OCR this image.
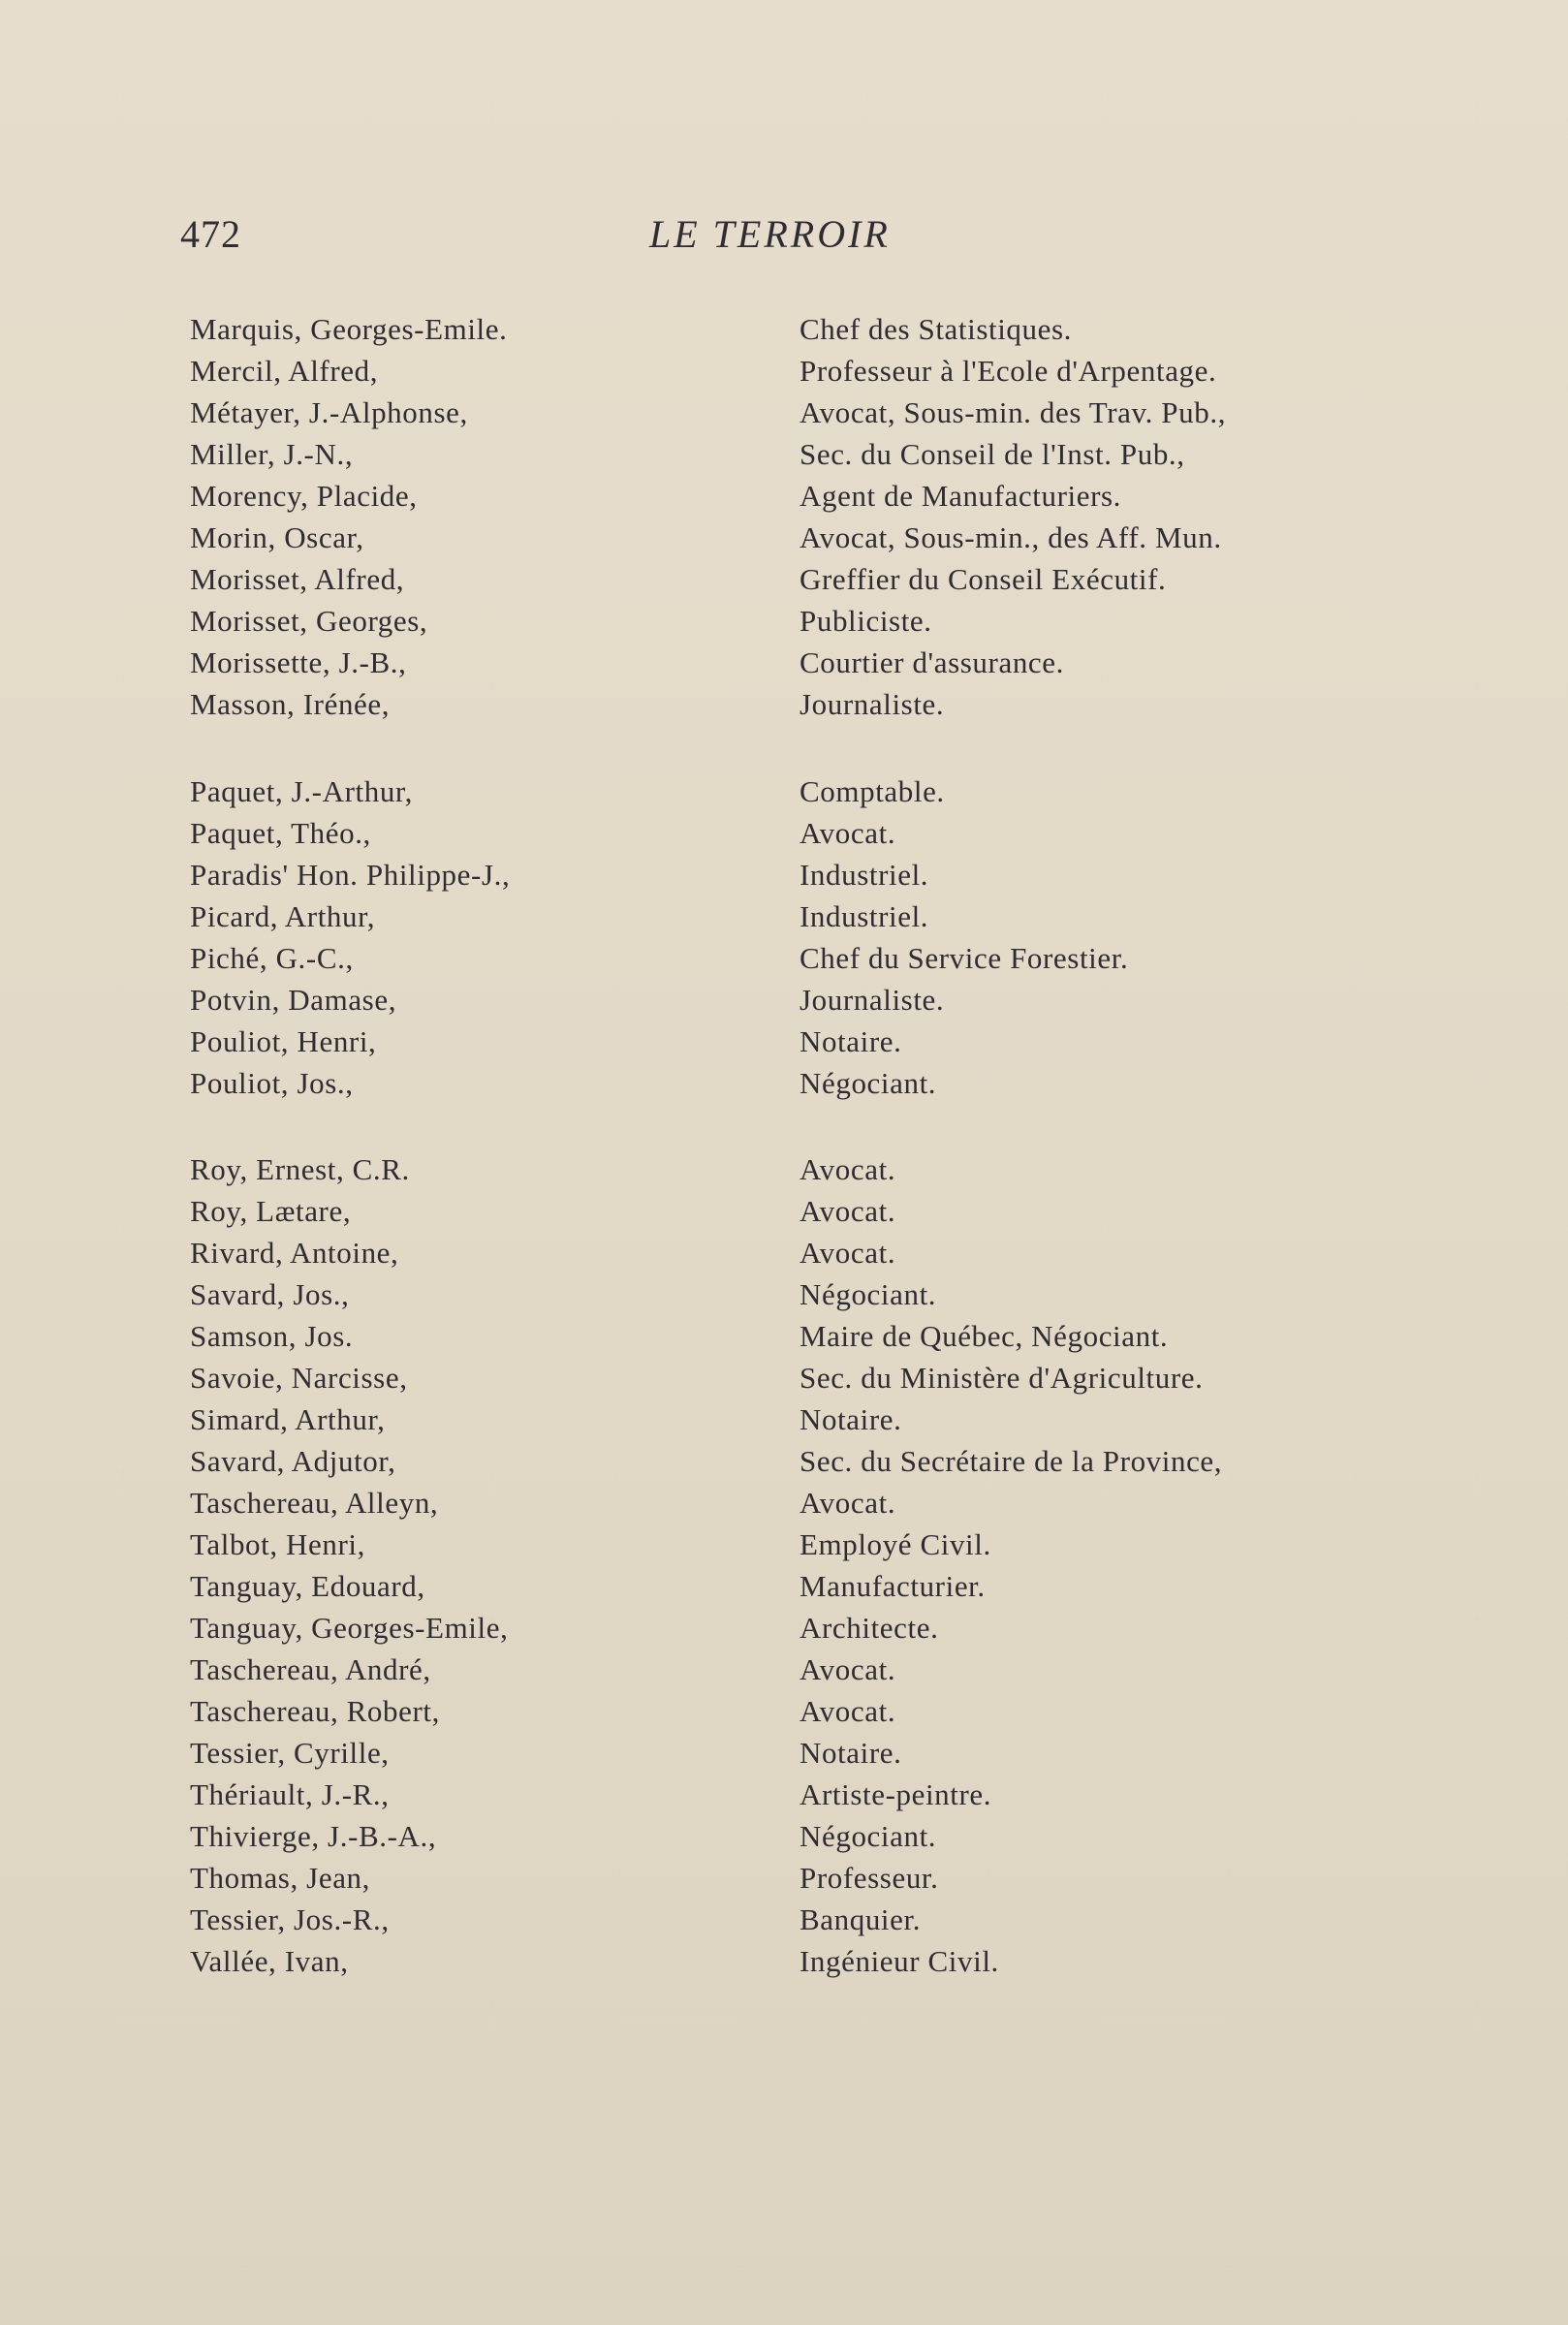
472	LE TERROIR
Marquis, Georges-Emile.	Chef des Statistiques.
Mercil, Alfred,	Professeur à l'Ecole d'Arpentage.
Métayer, J.-Alphonse,	Avocat, Sous-min. des Trav. Pub.,
Miller, J.-N.,	Sec. du Conseil de l'Inst. Pub.,
Morency, Placide,	Agent de Manufacturiers.
Morin, Oscar,	Avocat, Sous-min., des Aff. Mun.
Morisset, Alfred,	Greffier du Conseil Exécutif.
Morisset, Georges,	Publiciste.
Morissette, J.-B.,	Courtier d'assurance.
Masson, Irénée,	Journaliste.
Paquet, J.-Arthur,	Comptable.
Paquet, Théo.,	Avocat.
Paradis' Hon. Philippe-J.,	Industriel.
Picard, Arthur,	Industriel.
Piché, G.-C.,	Chef du Service Forestier.
Potvin, Damase,	Journaliste.
Pouliot, Henri,	Notaire.
Pouliot, Jos.,	Négociant.
Roy, Ernest, C.R.	Avocat.
Roy, Lætare,	Avocat.
Rivard, Antoine,	Avocat.
Savard, Jos.,	Négociant.
Samson, Jos.	Maire de Québec, Négociant.
Savoie, Narcisse,	Sec. du Ministère d'Agriculture.
Simard, Arthur,	Notaire.
Savard, Adjutor,	Sec. du Secrétaire de la Province,
Taschereau, Alleyn,	Avocat.
Talbot, Henri,	Employé Civil.
Tanguay, Edouard,	Manufacturier.
Tanguay, Georges-Emile,	Architecte.
Taschereau, André,	Avocat.
Taschereau, Robert,	Avocat.
Tessier, Cyrille,	Notaire.
Thériault, J.-R.,	Artiste-peintre.
Thivierge, J.-B.-A.,	Négociant.
Thomas, Jean,	Professeur.
Tessier, Jos.-R.,	Banquier.
Vallée, Ivan,	Ingénieur Civil.
